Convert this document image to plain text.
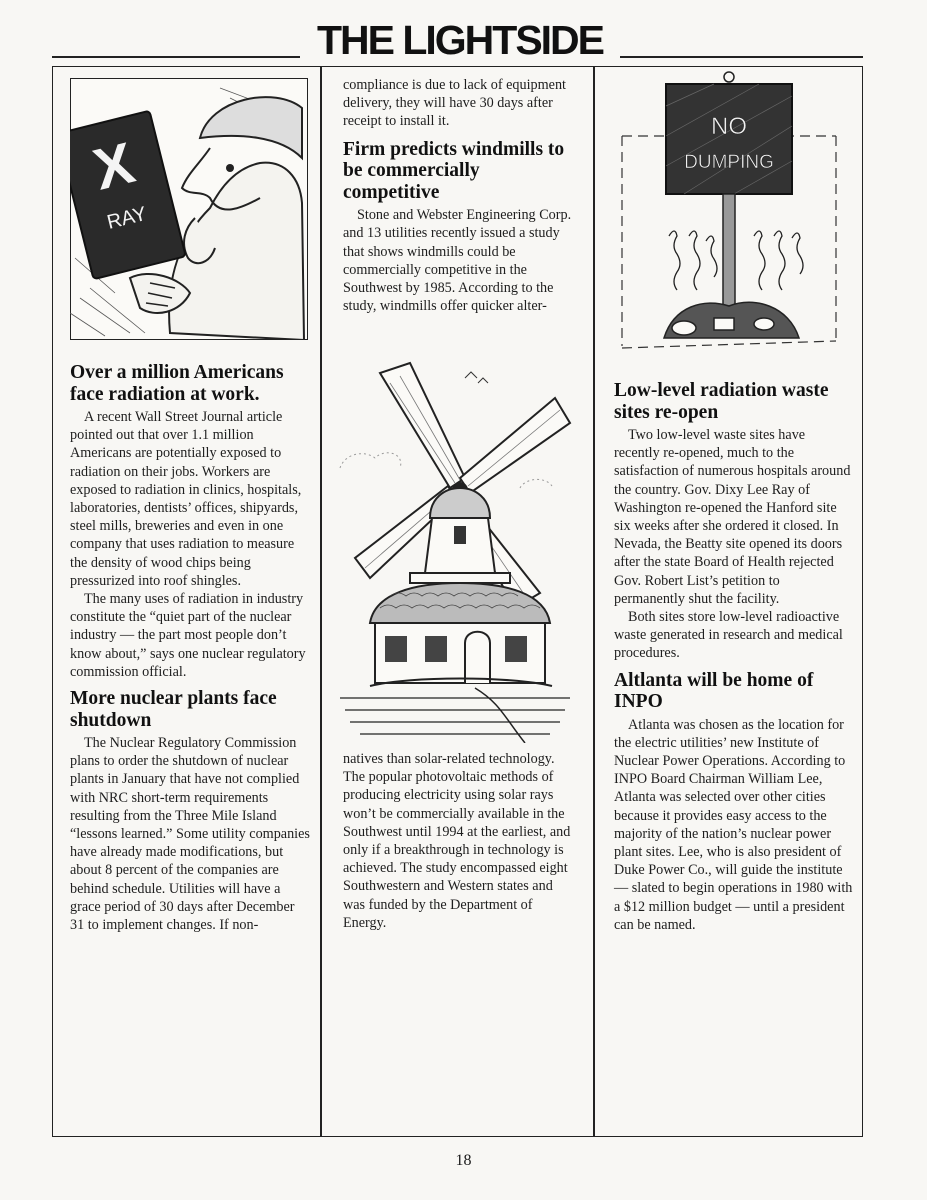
THE LIGHTSIDE
X
RAY
Over a million Americans face radiation at work.

A recent Wall Street Journal article pointed out that over 1.1 million Americans are potentially exposed to radiation on their jobs. Workers are exposed to radiation in clinics, hospitals, laboratories, dentists’ offices, shipyards, steel mills, breweries and even in one company that uses radiation to measure the density of wood chips being pressurized into roof shingles.

The many uses of radiation in industry constitute the “quiet part of the nuclear industry — the part most people don’t know about,” says one nuclear regulatory commission official.

More nuclear plants face shutdown

The Nuclear Regulatory Commission plans to order the shutdown of nuclear plants in January that have not complied with NRC short-term requirements resulting from the Three Mile Island “lessons learned.” Some utility companies have already made modifications, but about 8 percent of the companies are behind schedule. Utilities will have a grace period of 30 days after December 31 to implement changes. If non-

compliance is due to lack of equipment delivery, they will have 30 days after receipt to install it.

Firm predicts windmills to be commercially competitive

Stone and Webster Engineering Corp. and 13 utilities recently issued a study that shows windmills could be commercially competitive in the Southwest by 1985. According to the study, windmills offer quicker alter-

natives than solar-related technology. The popular photovoltaic methods of producing electricity using solar rays won’t be commercially available in the Southwest until 1994 at the earliest, and only if a breakthrough in technology is achieved. The study encompassed eight Southwestern and Western states and was funded by the Department of Energy.

NO
DUMPING
Low-level radiation waste sites re-open

Two low-level waste sites have recently re-opened, much to the satisfaction of numerous hospitals around the country. Gov. Dixy Lee Ray of Washington re-opened the Hanford site six weeks after she ordered it closed. In Nevada, the Beatty site opened its doors after the state Board of Health rejected Gov. Robert List’s petition to permanently shut the facility.

Both sites store low-level radioactive waste generated in research and medical procedures.

Altlanta will be home of INPO

Atlanta was chosen as the location for the electric utilities’ new Institute of Nuclear Power Operations. According to INPO Board Chairman William Lee, Atlanta was selected over other cities because it provides easy access to the majority of the nation’s nuclear power plant sites. Lee, who is also president of Duke Power Co., will guide the institute — slated to begin operations in 1980 with a $12 million budget — until a president can be named.

18
